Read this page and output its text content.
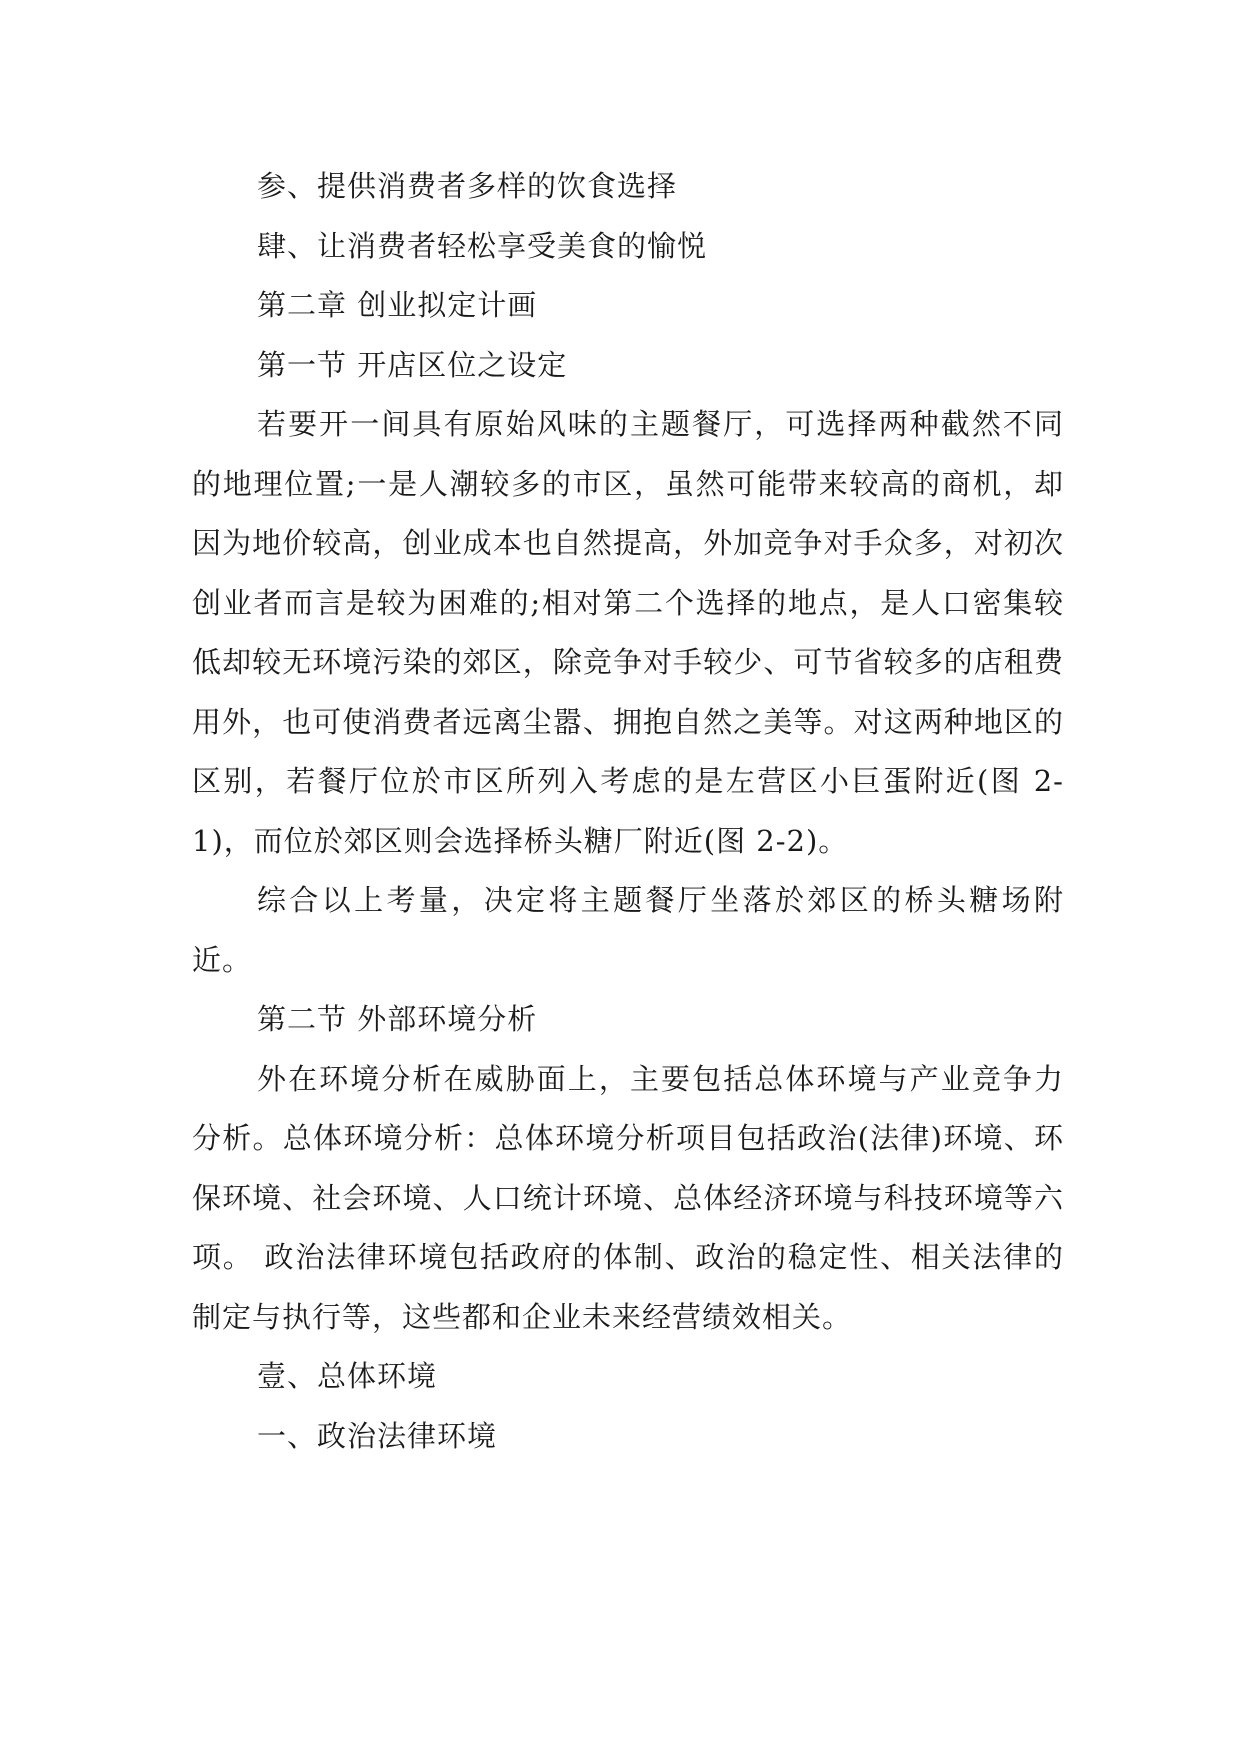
参、提供消费者多样的饮食选择

肆、让消费者轻松享受美食的愉悦

第二章 创业拟定计画

第一节 开店区位之设定

若要开一间具有原始风味的主题餐厅，可选择两种截然不同的地理位置;一是人潮较多的市区，虽然可能带来较高的商机，却因为地价较高，创业成本也自然提高，外加竞争对手众多，对初次创业者而言是较为困难的;相对第二个选择的地点，是人口密集较低却较无环境污染的郊区，除竞争对手较少、可节省较多的店租费用外，也可使消费者远离尘嚣、拥抱自然之美等。对这两种地区的区别，若餐厅位於市区所列入考虑的是左营区小巨蛋附近(图 2-1)，而位於郊区则会选择桥头糖厂附近(图 2-2)。

综合以上考量，决定将主题餐厅坐落於郊区的桥头糖场附近。

第二节 外部环境分析

外在环境分析在威胁面上，主要包括总体环境与产业竞争力分析。总体环境分析：总体环境分析项目包括政治(法律)环境、环保环境、社会环境、人口统计环境、总体经济环境与科技环境等六项。 政治法律环境包括政府的体制、政治的稳定性、相关法律的制定与执行等，这些都和企业未来经营绩效相关。

壹、总体环境

一、政治法律环境
